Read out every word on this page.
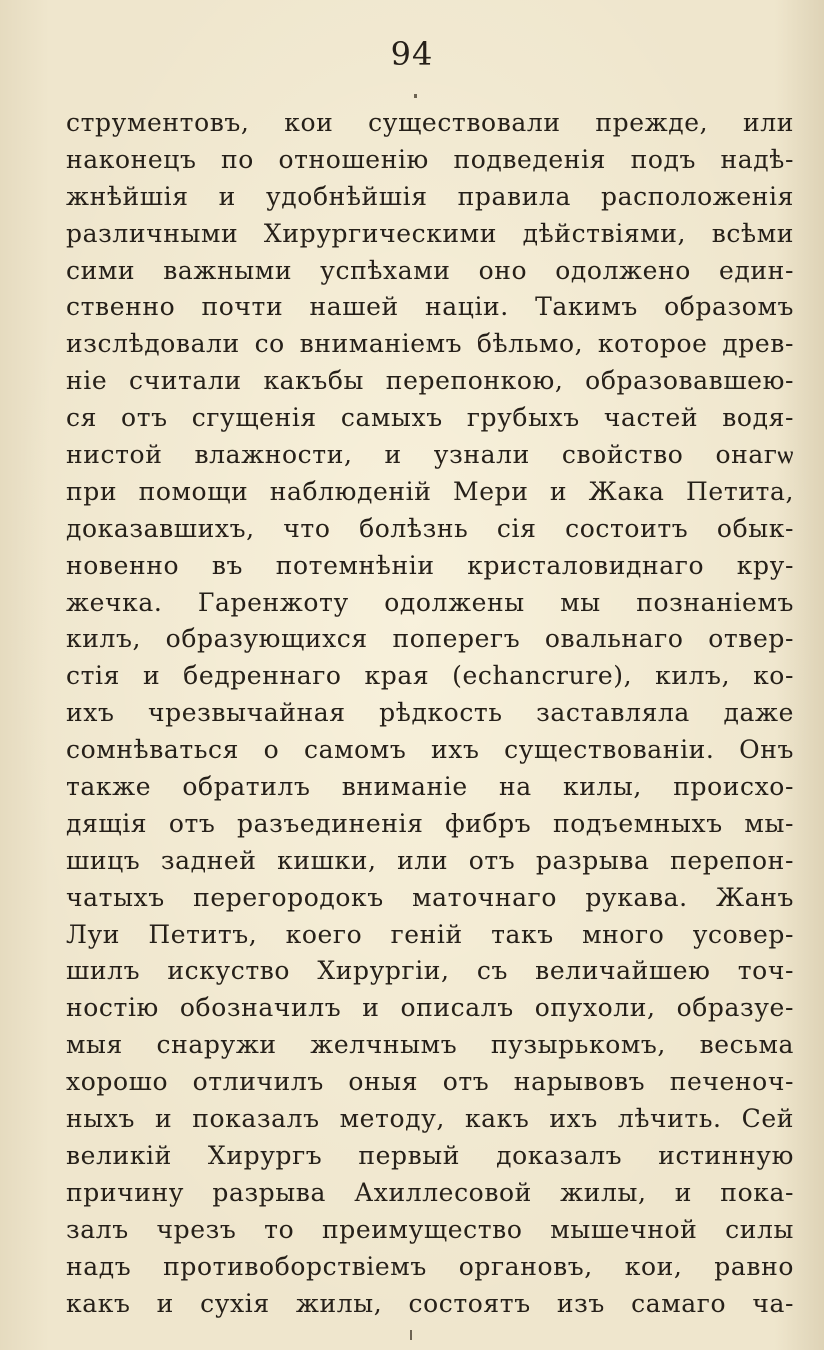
94
струментовъ, кои существовали прежде, или
наконецъ по отношенію подведенія подъ надѣ-
жнѣйшія и удобнѣйшія правила расположенія
различными Хирургическими дѣйствіями, всѣми
сими важными успѣхами оно одолжено един-
ственно почти нашей націи. Такимъ образомъ
изслѣдовали со вниманіемъ бѣльмо, которое древ-
ніе считали какъбы перепонкою, образовавшею-
ся отъ сгущенія самыхъ грубыхъ частей водя-
нистой влажности, и узнали свойство онагѡ
при помощи наблюденій Мери и Жака Петита,
доказавшихъ, что болѣзнь сія состоитъ обык-
новенно въ потемнѣніи кристаловиднаго кру-
жечка. Гаренжоту одолжены мы познаніемъ
килъ, образующихся поперегъ овальнаго отвер-
стія и бедреннаго края (echancrure), килъ, ко-
ихъ чрезвычайная рѣдкость заставляла даже
сомнѣваться о самомъ ихъ существованіи. Онъ
также обратилъ вниманіе на килы, происхо-
дящія отъ разъединенія фибръ подъемныхъ мы-
шицъ задней кишки, или отъ разрыва перепон-
чатыхъ перегородокъ маточнаго рукава. Жанъ
Луи Петитъ, коего геній такъ много усовер-
шилъ искуство Хирургіи, съ величайшею точ-
ностію обозначилъ и описалъ опухоли, образуе-
мыя снаружи желчнымъ пузырькомъ, весьма
хорошо отличилъ оныя отъ нарывовъ печеноч-
ныхъ и показалъ методу, какъ ихъ лѣчить. Сей
великій Хирургъ первый доказалъ истинную
причину разрыва Ахиллесовой жилы, и пока-
залъ чрезъ то преимущество мышечной силы
надъ противоборствіемъ органовъ, кои, равно
какъ и сухія жилы, состоятъ изъ самаго ча-
